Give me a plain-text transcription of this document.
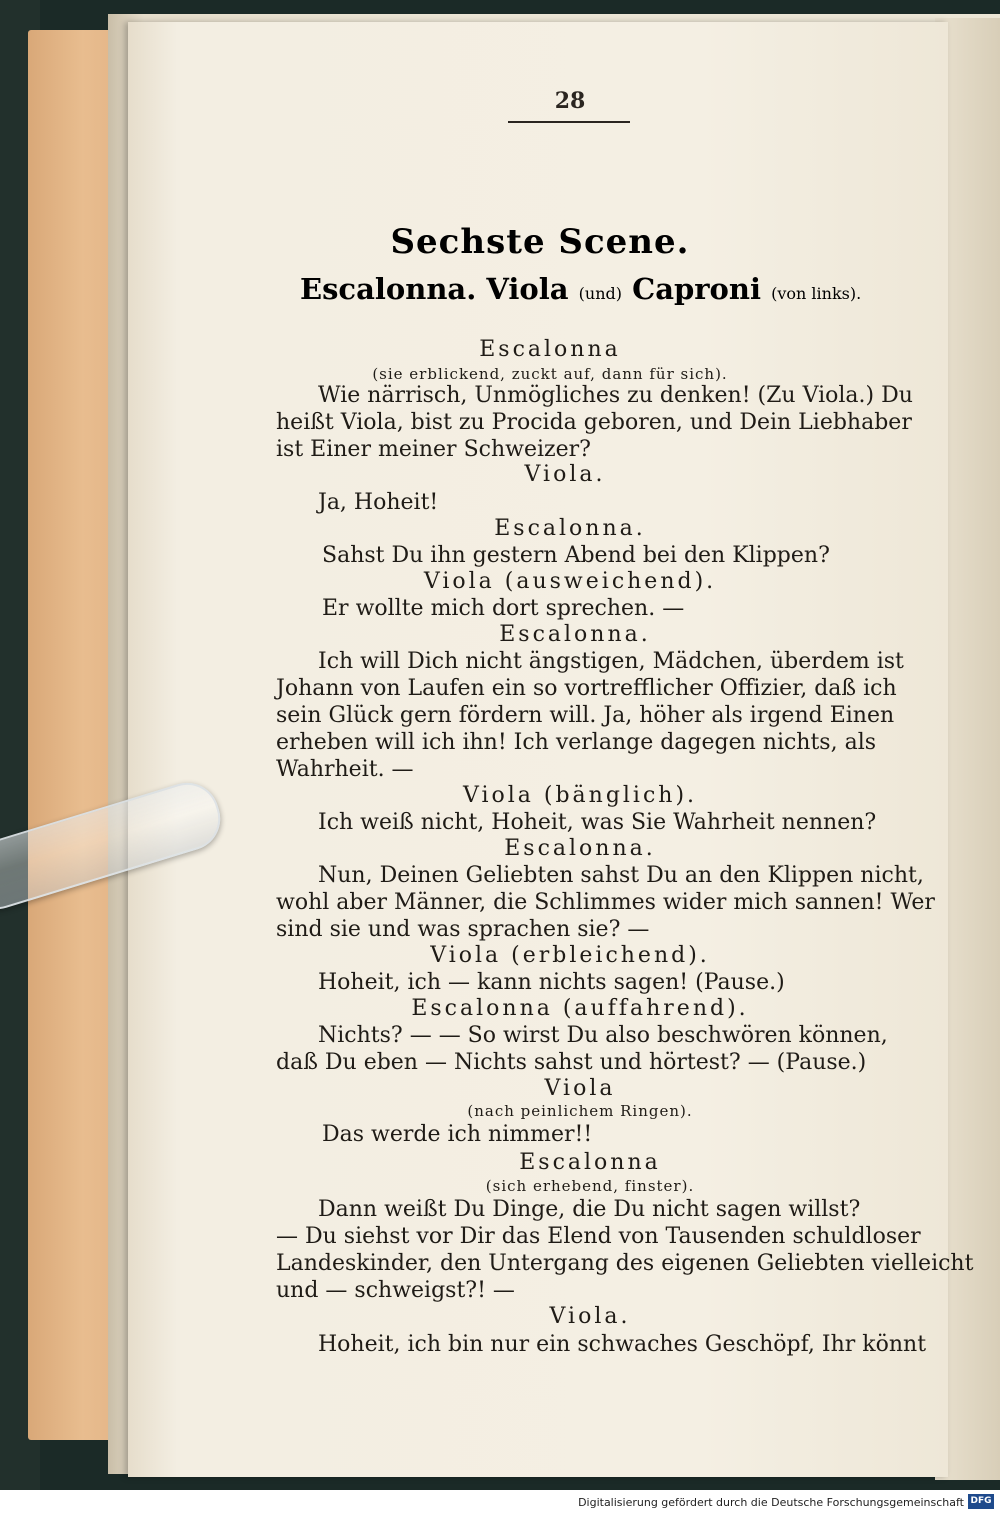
28
Sechste Scene.
Escalonna. Viola (und) Caproni (von links).
Escalonna
(sie erblickend, zuckt auf, dann für sich).
Wie närrisch, Unmögliches zu denken! (Zu Viola.) Du
heißt Viola, bist zu Procida geboren, und Dein Liebhaber
ist Einer meiner Schweizer?
Viola.
Ja, Hoheit!
Escalonna.
Sahst Du ihn gestern Abend bei den Klippen?
Viola (ausweichend).
Er wollte mich dort sprechen. —
Escalonna.
Ich will Dich nicht ängstigen, Mädchen, überdem ist
Johann von Laufen ein so vortrefflicher Offizier, daß ich
sein Glück gern fördern will. Ja, höher als irgend Einen
erheben will ich ihn! Ich verlange dagegen nichts, als
Wahrheit. —
Viola (bänglich).
Ich weiß nicht, Hoheit, was Sie Wahrheit nennen?
Escalonna.
Nun, Deinen Geliebten sahst Du an den Klippen nicht,
wohl aber Männer, die Schlimmes wider mich sannen! Wer
sind sie und was sprachen sie? —
Viola (erbleichend).
Hoheit, ich — kann nichts sagen! (Pause.)
Escalonna (auffahrend).
Nichts? — — So wirst Du also beschwören können,
daß Du eben — Nichts sahst und hörtest? — (Pause.)
Viola
(nach peinlichem Ringen).
Das werde ich nimmer!!
Escalonna
(sich erhebend, finster).
Dann weißt Du Dinge, die Du nicht sagen willst?
— Du siehst vor Dir das Elend von Tausenden schuldloser
Landeskinder, den Untergang des eigenen Geliebten vielleicht
und — schweigst?! —
Viola.
Hoheit, ich bin nur ein schwaches Geschöpf, Ihr könnt
Digitalisierung gefördert durch die Deutsche Forschungsgemeinschaft DFG
